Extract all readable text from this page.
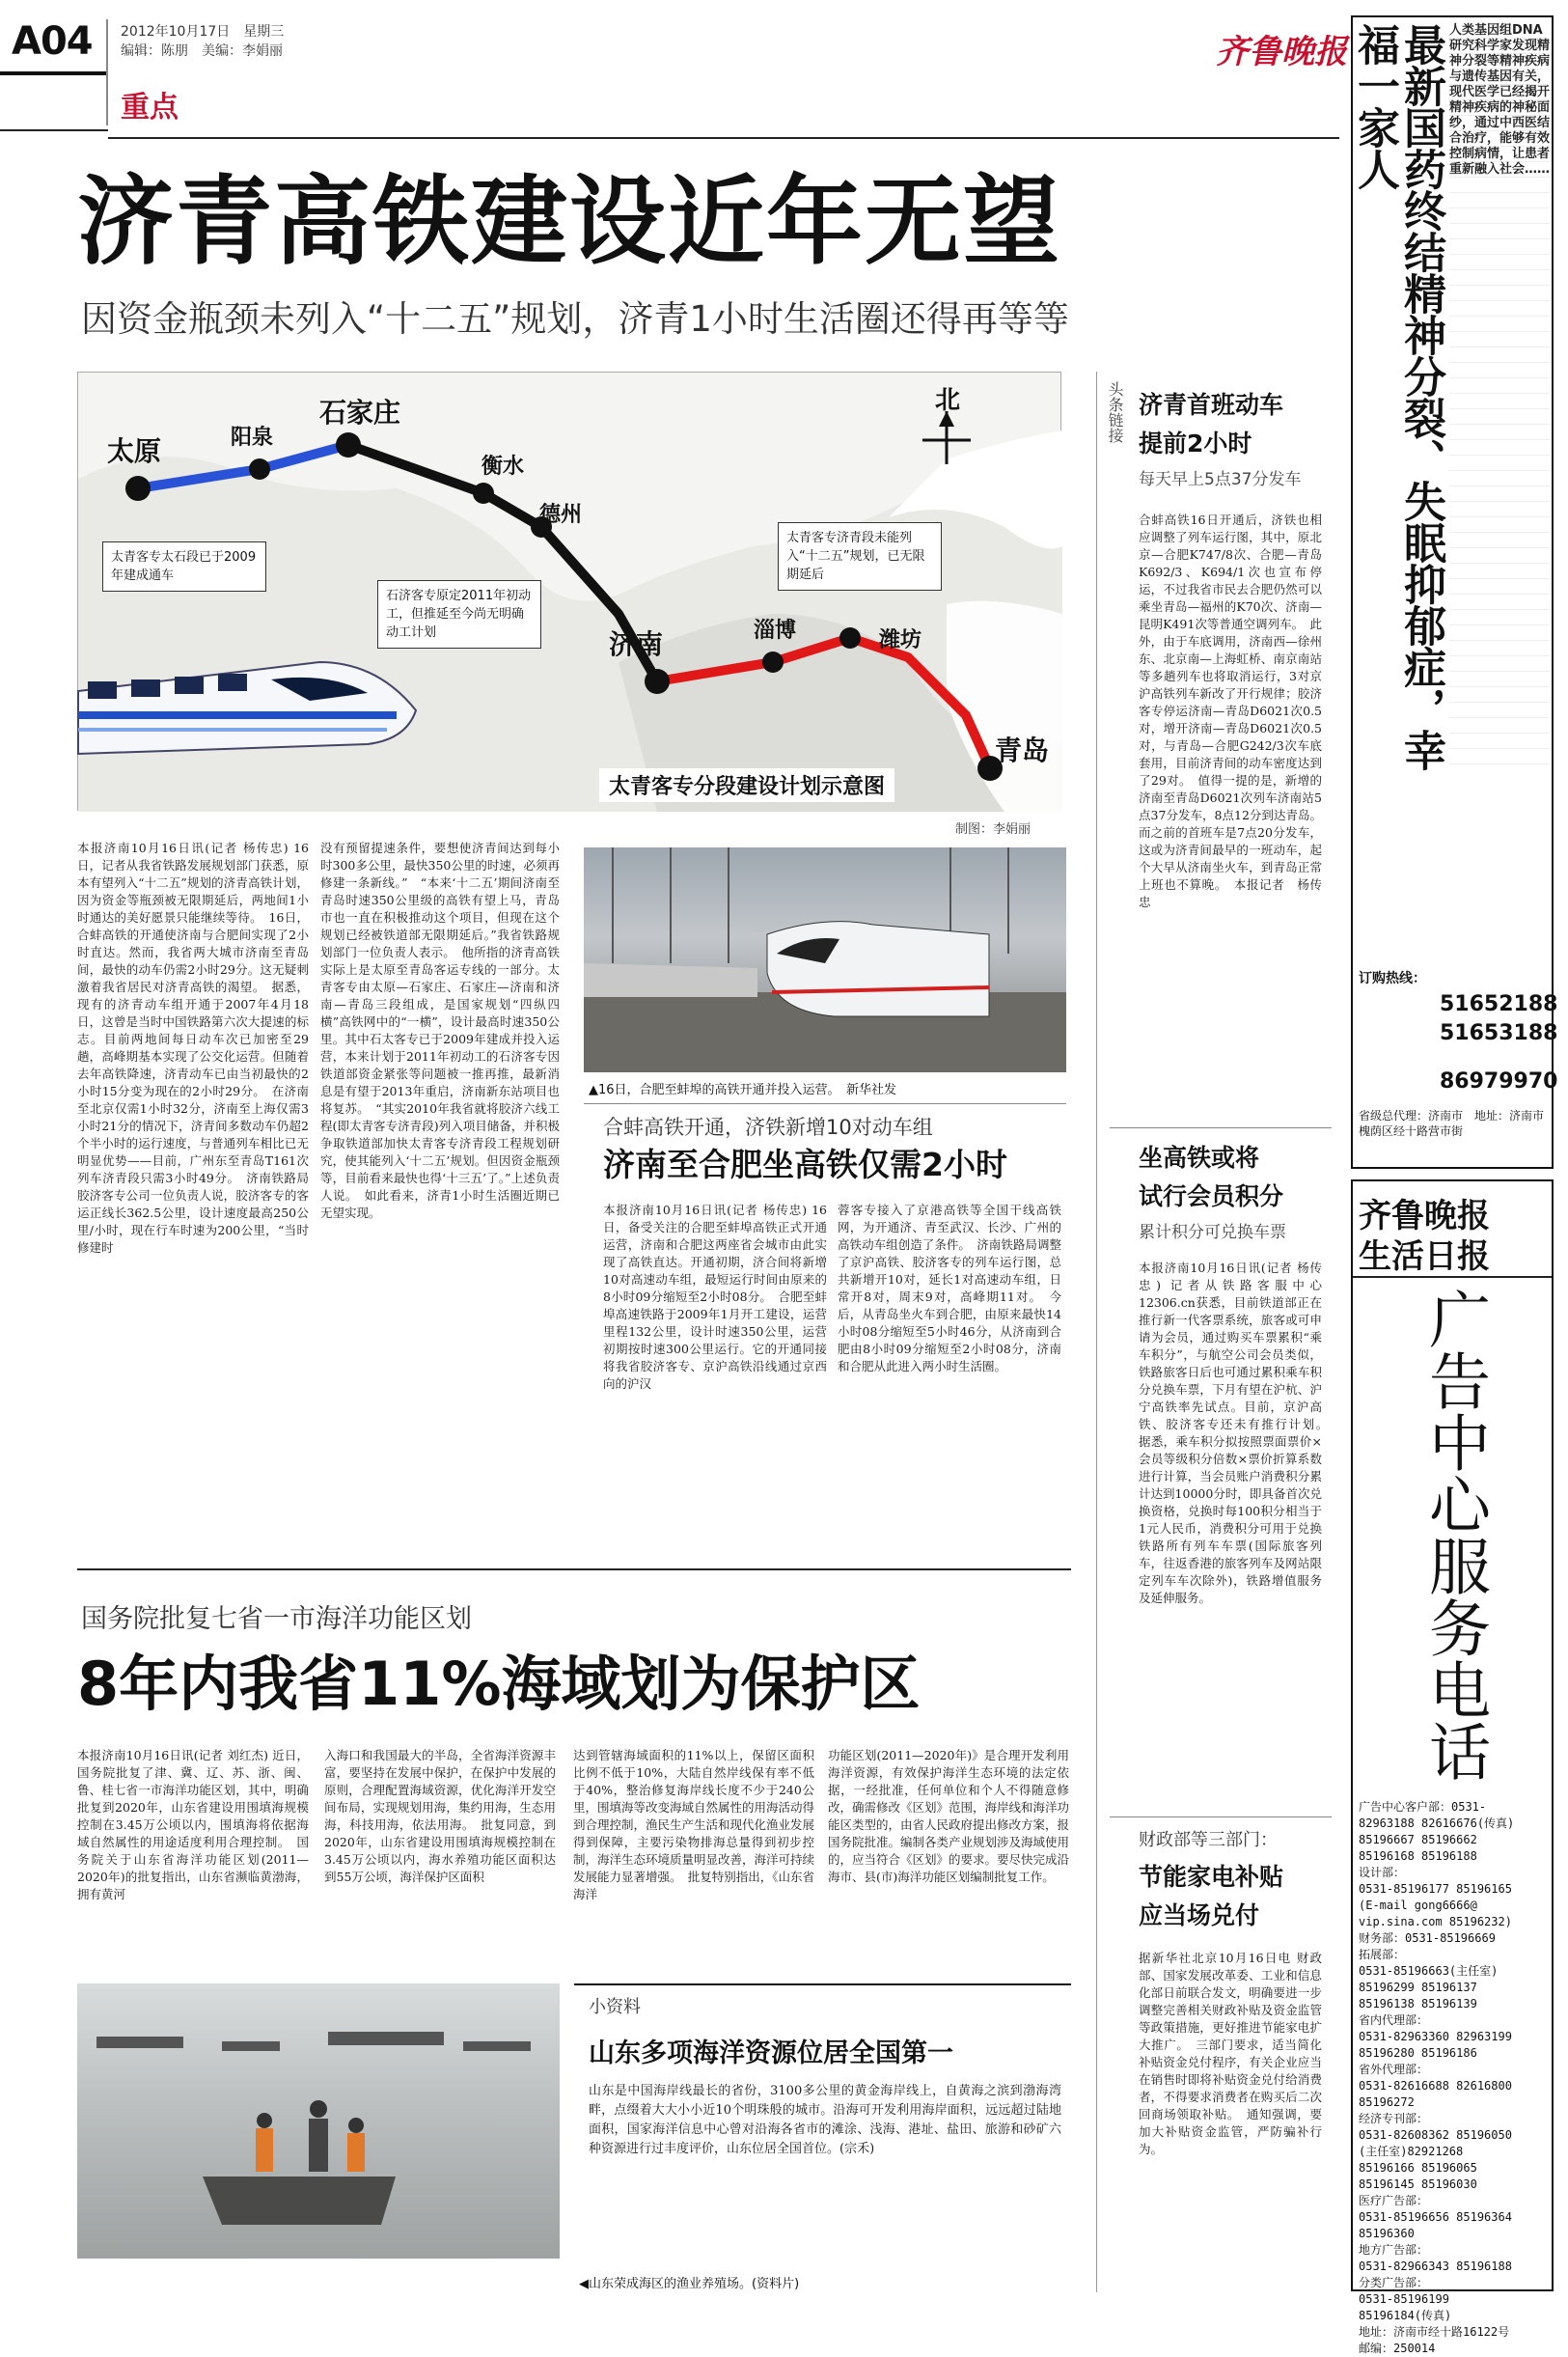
A04 2012年10月17日　星期三
编辑：陈朋　美编：李娟丽
重点
齐鲁晚报
济青高铁建设近年无望
因资金瓶颈未列入“十二五”规划，济青1小时生活圈还得再等等
北
太原	阳泉
石家庄
衡水
德州
济南	淄博	潍坊
青岛
太青客专太石段已于2009年建成通车
石济客专原定2011年初动工，但推延至今尚无明确动工计划
太青客专济青段未能列入“十二五”规划，已无限期延后
太青客专分段建设计划示意图
制图：李娟丽
本报济南10月16日讯(记者 杨传忠) 16日，记者从我省铁路发展规划部门获悉，原本有望列入“十二五”规划的济青高铁计划，因为资金等瓶颈被无限期延后，两地间1小时通达的美好愿景只能继续等待。　16日，合蚌高铁的开通使济南与合肥间实现了2小时直达。然而，我省两大城市济南至青岛间，最快的动车仍需2小时29分。这无疑刺激着我省居民对济青高铁的渴望。　据悉，现有的济青动车组开通于2007年4月18日，这曾是当时中国铁路第六次大提速的标志。目前两地间每日动车次已加密至29趟，高峰期基本实现了公交化运营。但随着去年高铁降速，济青动车已由当初最快的2小时15分变为现在的2小时29分。　在济南至北京仅需1小时32分，济南至上海仅需3小时21分的情况下，济青间多数动车仍超2个半小时的运行速度，与普通列车相比已无明显优势——目前，广州东至青岛T161次列车济青段只需3小时49分。　济南铁路局胶济客专公司一位负责人说，胶济客专的客运正线长362.5公里，设计速度最高250公里/小时，现在行车时速为200公里，“当时修建时
没有预留提速条件，要想使济青间达到每小时300多公里，最快350公里的时速，必须再修建一条新线。”　“本来‘十二五’期间济南至青岛时速350公里级的高铁有望上马，青岛市也一直在积极推动这个项目，但现在这个规划已经被铁道部无限期延后。”我省铁路规划部门一位负责人表示。　他所指的济青高铁实际上是太原至青岛客运专线的一部分。太青客专由太原—石家庄、石家庄—济南和济南—青岛三段组成，是国家规划“四纵四横”高铁网中的“一横”，设计最高时速350公里。其中石太客专已于2009年建成并投入运营，本来计划于2011年初动工的石济客专因铁道部资金紧张等问题被一推再推，最新消息是有望于2013年重启，济南新东站项目也将复苏。　“其实2010年我省就将胶济六线工程(即太青客专济青段)列入项目储备，并积极争取铁道部加快太青客专济青段工程规划研究，使其能列入‘十二五’规划。但因资金瓶颈等，目前看来最快也得‘十三五’了。”上述负责人说。　如此看来，济青1小时生活圈近期已无望实现。
▲16日，合肥至蚌埠的高铁开通并投入运营。　新华社发
合蚌高铁开通，济铁新增10对动车组
济南至合肥坐高铁仅需2小时
本报济南10月16日讯(记者 杨传忠) 16日，备受关注的合肥至蚌埠高铁正式开通运营，济南和合肥这两座省会城市由此实现了高铁直达。开通初期，济合间将新增10对高速动车组，最短运行时间由原来的8小时09分缩短至2小时08分。　合肥至蚌埠高速铁路于2009年1月开工建设，运营里程132公里，设计时速350公里，运营初期按时速300公里运行。它的开通同接将我省胶济客专、京沪高铁沿线通过京西向的沪汉
蓉客专接入了京港高铁等全国干线高铁网，为开通济、青至武汉、长沙、广州的高铁动车组创造了条件。　济南铁路局调整了京沪高铁、胶济客专的列车运行图，总共新增开10对，延长1对高速动车组，日常开8对，周末9对，高峰期11对。　今后，从青岛坐火车到合肥，由原来最快14小时08分缩短至5小时46分，从济南到合肥由8小时09分缩短至2小时08分，济南和合肥从此进入两小时生活圈。
头条链接 济青首班动车
提前2小时
每天早上5点37分发车
合蚌高铁16日开通后，济铁也相应调整了列车运行图，其中，原北京—合肥K747/8次、合肥—青岛K692/3、K694/1次也宣布停运，不过我省市民去合肥仍然可以乘坐青岛—福州的K70次、济南—昆明K491次等普通空调列车。　此外，由于车底调用，济南西—徐州东、北京南—上海虹桥、南京南站等多趟列车也将取消运行，3对京沪高铁列车新改了开行规律；胶济客专停运济南—青岛D6021次0.5对，增开济南—青岛D6021次0.5对，与青岛—合肥G242/3次车底套用，目前济青间的动车密度达到了29对。　值得一提的是，新增的济南至青岛D6021次列车济南站5点37分发车，8点12分到达青岛。而之前的首班车是7点20分发车，这或为济青间最早的一班动车，起个大早从济南坐火车，到青岛正常上班也不算晚。　本报记者　杨传忠
坐高铁或将
试行会员积分
累计积分可兑换车票
本报济南10月16日讯(记者 杨传忠) 记者从铁路客服中心12306.cn获悉，目前铁道部正在推行新一代客票系统，旅客或可申请为会员，通过购买车票累积“乘车积分”，与航空公司会员类似，铁路旅客日后也可通过累积乘车积分兑换车票，下月有望在沪杭、沪宁高铁率先试点。目前，京沪高铁、胶济客专还未有推行计划。　据悉，乘车积分拟按照票面票价×会员等级积分倍数×票价折算系数进行计算，当会员账户消费积分累计达到10000分时，即具备首次兑换资格，兑换时每100积分相当于1元人民币，消费积分可用于兑换铁路所有列车车票(国际旅客列车，往返香港的旅客列车及网站限定列车车次除外)，铁路增值服务及延伸服务。
财政部等三部门：
节能家电补贴
应当场兑付
据新华社北京10月16日电 财政部、国家发展改革委、工业和信息化部日前联合发文，明确要进一步调整完善相关财政补贴及资金监管等政策措施，更好推进节能家电扩大推广。　三部门要求，适当简化补贴资金兑付程序，有关企业应当在销售时即将补贴资金兑付给消费者，不得要求消费者在购买后二次回商场领取补贴。　通知强调，要加大补贴资金监管，严防骗补行为。
国务院批复七省一市海洋功能区划
8年内我省11%海域划为保护区
本报济南10月16日讯(记者 刘红杰) 近日，国务院批复了津、冀、辽、苏、浙、闽、鲁、桂七省一市海洋功能区划，其中，明确批复到2020年，山东省建设用围填海规模控制在3.45万公顷以内，围填海将依据海域自然属性的用途适度利用合理控制。　国务院关于山东省海洋功能区划(2011—2020年)的批复指出，山东省濒临黄渤海，拥有黄河
入海口和我国最大的半岛，全省海洋资源丰富，要坚持在发展中保护，在保护中发展的原则，合理配置海域资源，优化海洋开发空间布局，实现规划用海，集约用海，生态用海，科技用海，依法用海。　批复同意，到2020年，山东省建设用围填海规模控制在3.45万公顷以内，海水养殖功能区面积达到55万公顷，海洋保护区面积
达到管辖海域面积的11%以上，保留区面积比例不低于10%，大陆自然岸线保有率不低于40%，整治修复海岸线长度不少于240公里，围填海等改变海域自然属性的用海活动得到合理控制，渔民生产生活和现代化渔业发展得到保障，主要污染物排海总量得到初步控制，海洋生态环境质量明显改善，海洋可持续发展能力显著增强。　批复特别指出，《山东省海洋
功能区划(2011—2020年)》是合理开发利用海洋资源，有效保护海洋生态环境的法定依据，一经批准，任何单位和个人不得随意修改，确需修改《区划》范围，海岸线和海洋功能区类型的，由省人民政府提出修改方案，报国务院批准。编制各类产业规划涉及海域使用的，应当符合《区划》的要求。要尽快完成沿海市、县(市)海洋功能区划编制批复工作。
◀山东荣成海区的渔业养殖场。(资料片)
小资料
山东多项海洋资源位居全国第一
山东是中国海岸线最长的省份，3100多公里的黄金海岸线上，自黄海之滨到渤海湾畔，点缀着大大小小近10个明珠般的城市。沿海可开发利用海岸面积，远远超过陆地面积，国家海洋信息中心曾对沿海各省市的滩涂、浅海、港址、盐田、旅游和砂矿六种资源进行过丰度评价，山东位居全国首位。(宗禾)
最新国药终结精神分裂、失眠抑郁症，幸福一家人	人类基因组DNA研究科学家发现精神分裂等精神疾病与遗传基因有关，现代医学已经揭开精神疾病的神秘面纱，通过中西医结合治疗，能够有效控制病情，让患者重新融入社会……
订购热线：
51652188
51653188
86979970
省级总代理：济南市　地址：济南市槐荫区经十路营市街
齐鲁晚报
生活日报
广告中心服务电话
广告中心客户部：0531-
82963188 82616676(传真)
85196667 85196662
85196168 85196188
设计部：
0531-85196177 85196165
(E-mail gong6666@
vip.sina.com 85196232)
财务部：0531-85196669
拓展部：
0531-85196663(主任室)
85196299 85196137
85196138 85196139
省内代理部：
0531-82963360 82963199
85196280 85196186
省外代理部：
0531-82616688 82616800
85196272
经济专刊部：
0531-82608362 85196050
(主任室)82921268
85196166 85196065
85196145 85196030
医疗广告部：
0531-85196656 85196364
85196360
地方广告部：
0531-82966343 85196188
分类广告部：
0531-85196199
85196184(传真)
地址：济南市经十路16122号
邮编：250014
